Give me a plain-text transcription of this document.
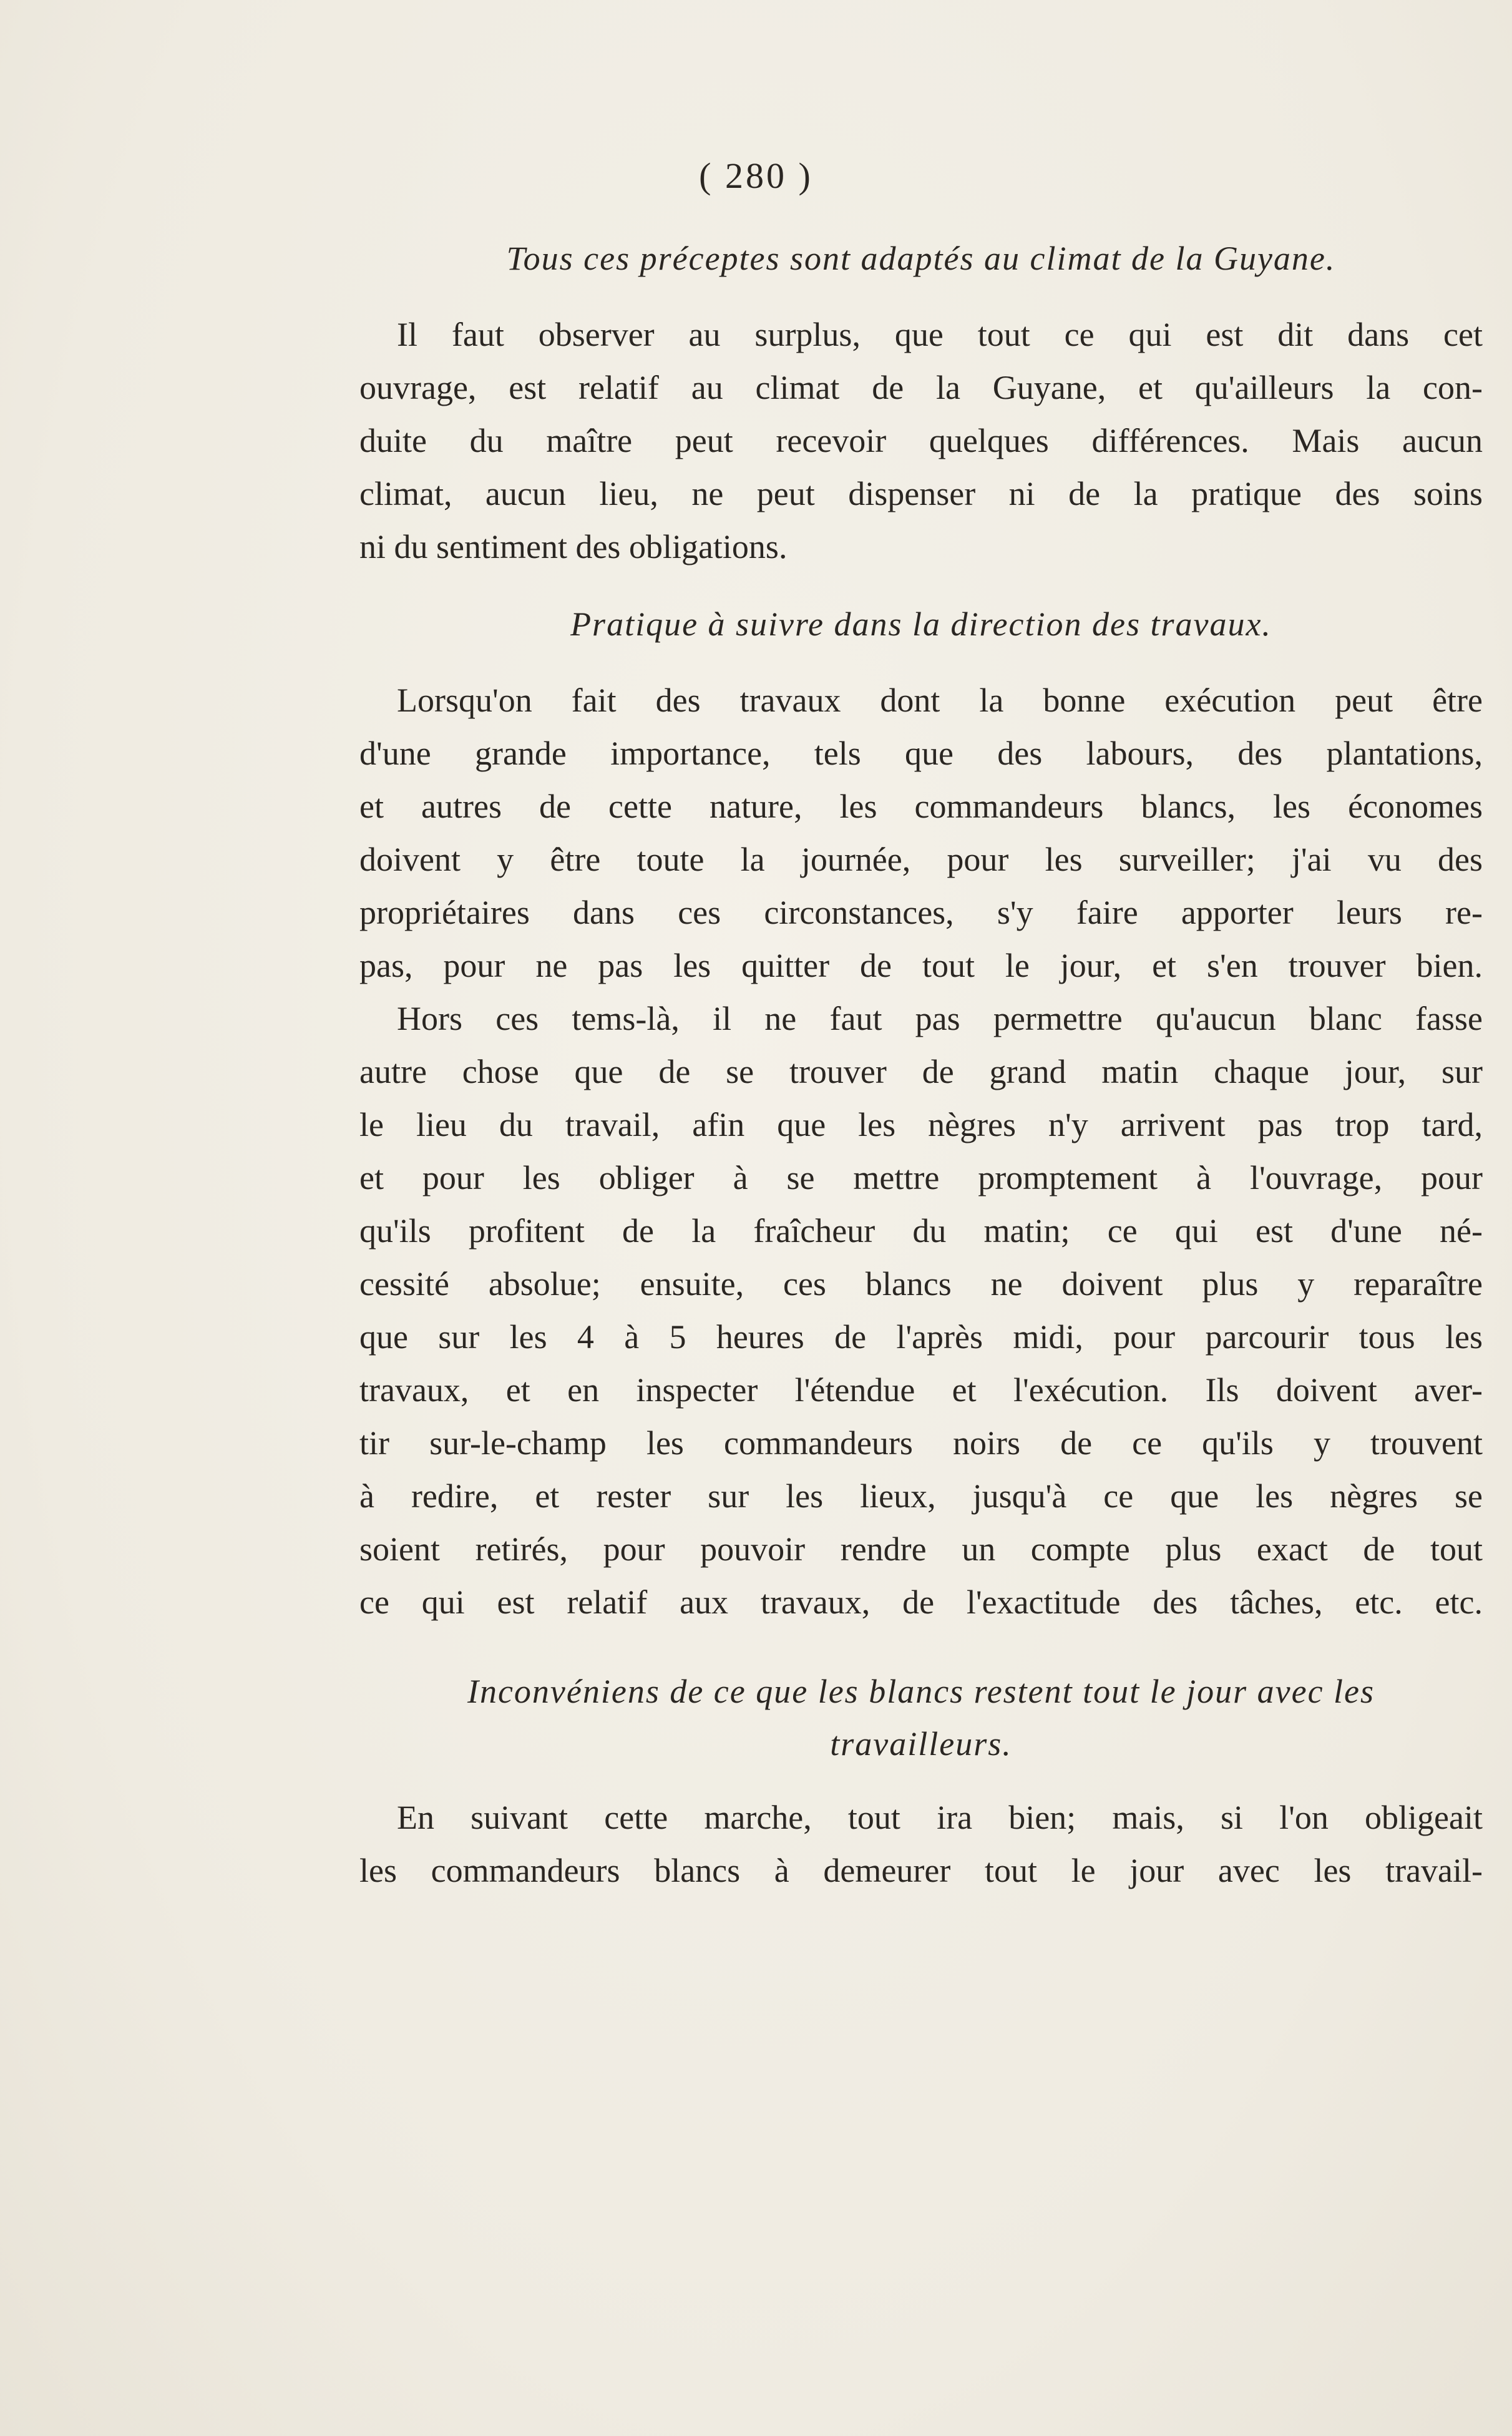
( 280 )
Tous ces préceptes sont adaptés au climat de la Guyane.
Il faut observer au surplus, que tout ce qui est dit dans cet
ouvrage, est relatif au climat de la Guyane, et qu'ailleurs la con-
duite du maître peut recevoir quelques différences. Mais aucun
climat, aucun lieu, ne peut dispenser ni de la pratique des soins
ni du sentiment des obligations.
Pratique à suivre dans la direction des travaux.
Lorsqu'on fait des travaux dont la bonne exécution peut être
d'une grande importance, tels que des labours, des plantations,
et autres de cette nature, les commandeurs blancs, les économes
doivent y être toute la journée, pour les surveiller; j'ai vu des
propriétaires dans ces circonstances, s'y faire apporter leurs re-
pas, pour ne pas les quitter de tout le jour, et s'en trouver bien.
Hors ces tems-là, il ne faut pas permettre qu'aucun blanc fasse
autre chose que de se trouver de grand matin chaque jour, sur
le lieu du travail, afin que les nègres n'y arrivent pas trop tard,
et pour les obliger à se mettre promptement à l'ouvrage, pour
qu'ils profitent de la fraîcheur du matin; ce qui est d'une né-
cessité absolue; ensuite, ces blancs ne doivent plus y reparaître
que sur les 4 à 5 heures de l'après midi, pour parcourir tous les
travaux, et en inspecter l'étendue et l'exécution. Ils doivent aver-
tir sur-le-champ les commandeurs noirs de ce qu'ils y trouvent
à redire, et rester sur les lieux, jusqu'à ce que les nègres se
soient retirés, pour pouvoir rendre un compte plus exact de tout
ce qui est relatif aux travaux, de l'exactitude des tâches, etc. etc.
Inconvéniens de ce que les blancs restent tout le jour avec les
travailleurs.
En suivant cette marche, tout ira bien; mais, si l'on obligeait
les commandeurs blancs à demeurer tout le jour avec les travail-
